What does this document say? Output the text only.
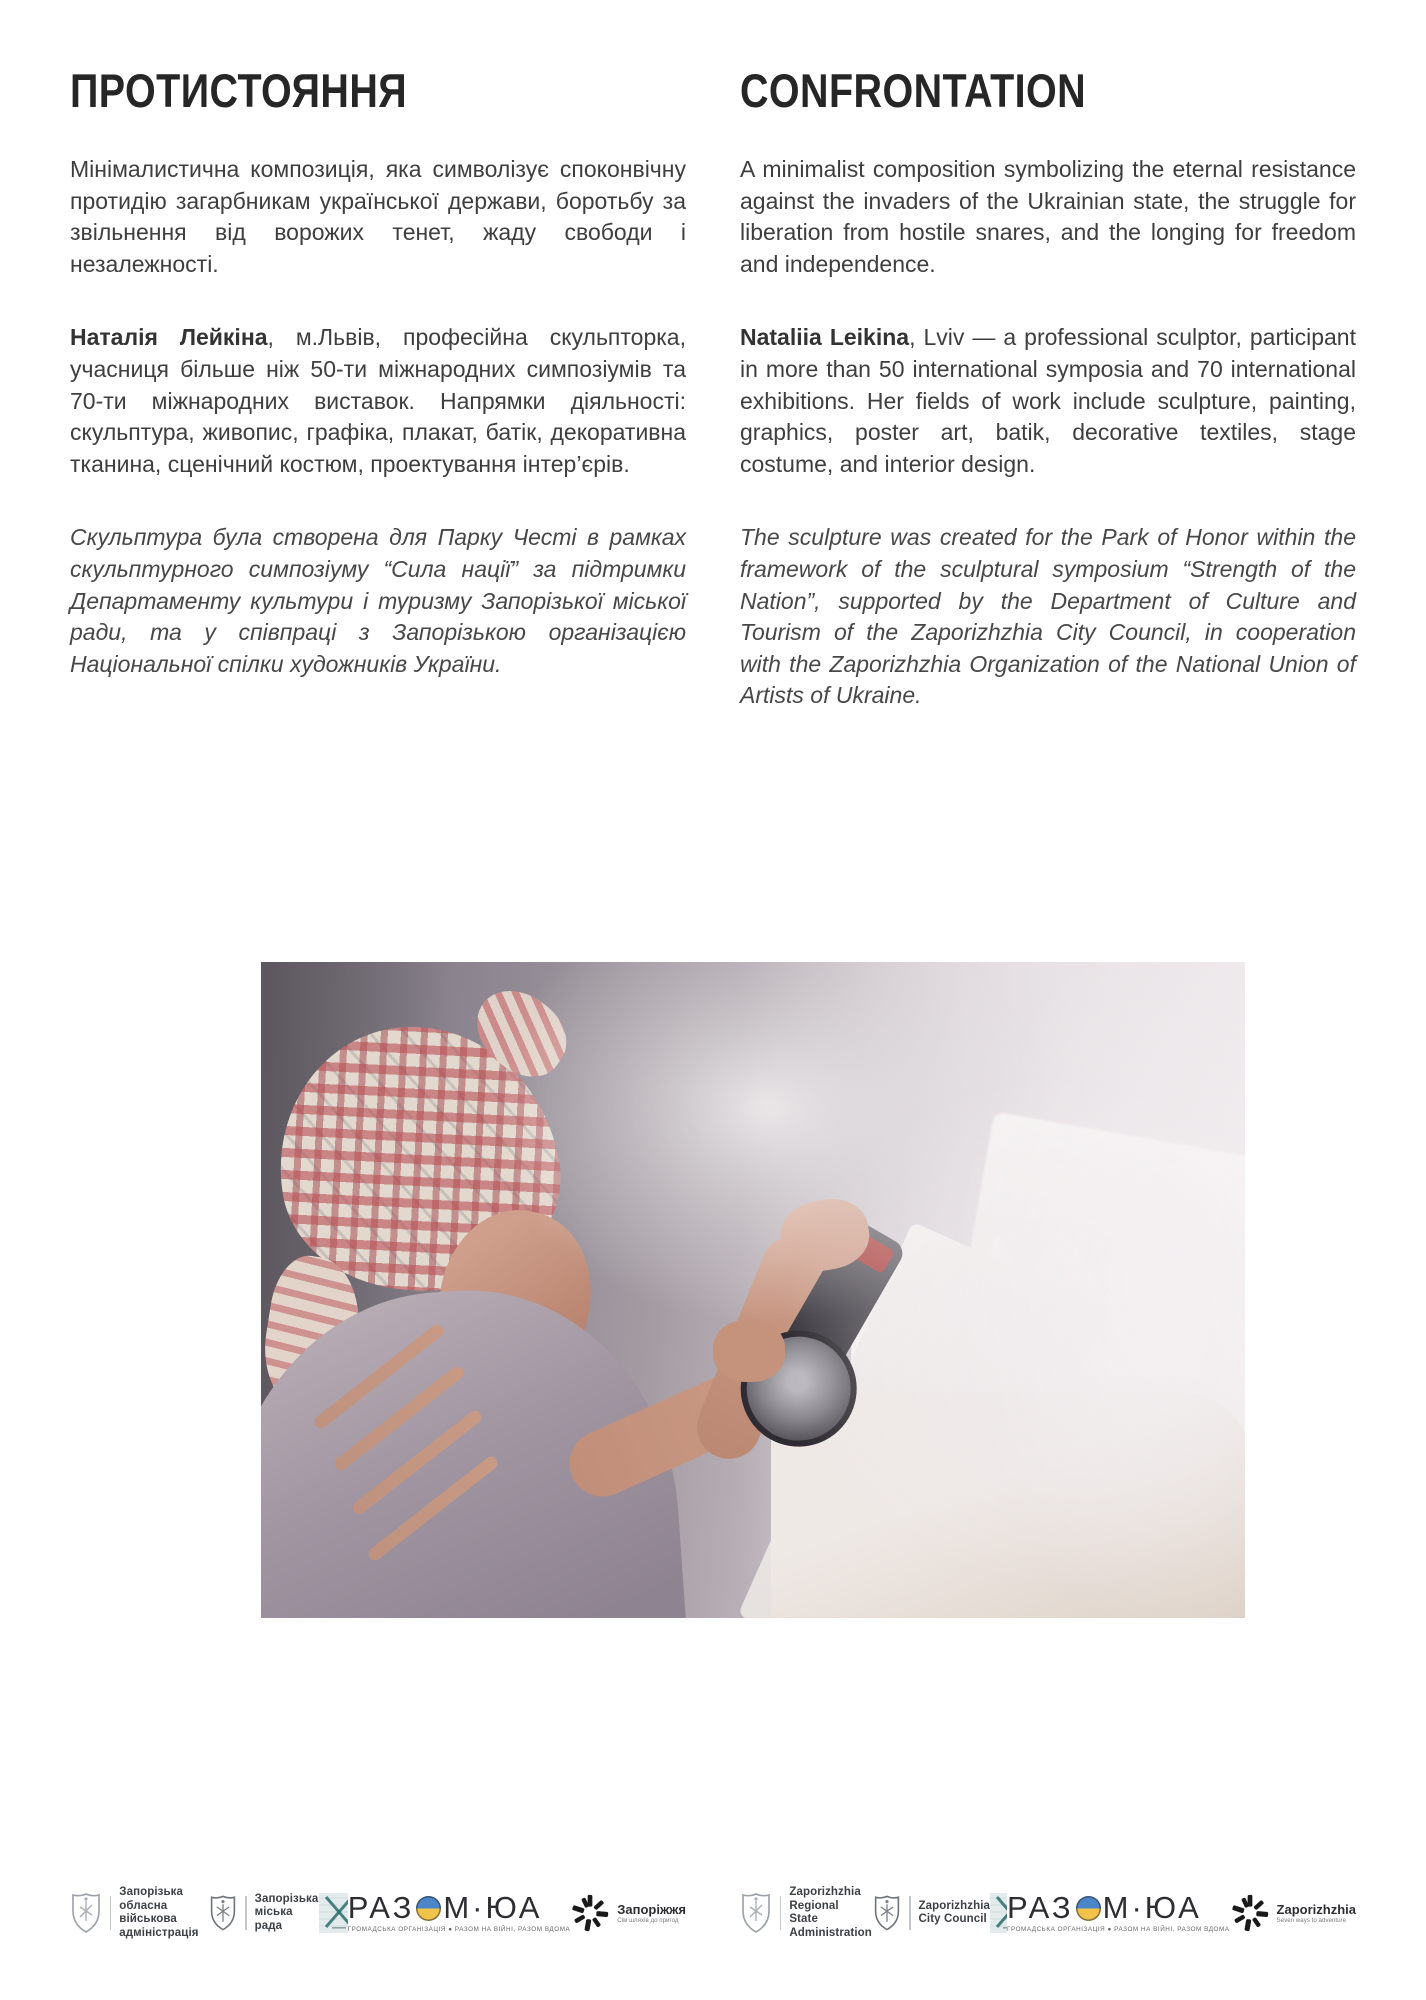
ПРОТИСТОЯННЯ

Мінімалистична композиція, яка символізує споконвічну протидію загарбникам української держави, боротьбу за звільнення від ворожих тенет, жаду свободи і незалежності.

Наталія Лейкіна, м.Львів, професійна скульпторка, учасниця більше ніж 50-ти міжнародних симпозіумів та 70-ти міжнародних виставок. Напрямки діяльності: скульптура, живопис, графіка, плакат, батік, декоративна тканина, сценічний костюм, проектування інтер’єрів.

Скульптура була створена для Парку Честі в рамках скульптурного симпозіуму “Сила нації” за підтримки Департаменту культури і туризму Запорізької міської ради, та у співпраці з Запорізькою організацією Національної спілки художників України.

CONFRONTATION

A minimalist composition symbolizing the eternal resistance against the invaders of the Ukrainian state, the struggle for liberation from hostile snares, and the longing for freedom and independence.

Nataliia Leikina, Lviv — a professional sculptor, participant in more than 50 international symposia and 70 international exhibitions. Her fields of work include sculpture, painting, graphics, poster art, batik, decorative textiles, stage costume, and interior design.

The sculpture was created for the Park of Honor within the framework of the sculptural symposium “Strength of the Nation”, supported by the Department of Culture and Tourism of the Zaporizhzhia City Council, in cooperation with the Zaporizhzhia Organization of the National Union of Artists of Ukraine.

Запорізька обласна
військова адміністрація
Запорізька
міська рада
РАЗ М·ЮА
ГРОМАДСЬКА ОРГАНІЗАЦІЯ ● РАЗОМ НА ВІЙНІ, РАЗОМ ВДОМА
Запоріжжя
Сім шляхів до пригод
Zaporizhzhia Regional
State Administration
Zaporizhzhia
City Council РАЗ М·ЮА
ГРОМАДСЬКА ОРГАНІЗАЦІЯ ● РАЗОМ НА ВІЙНІ, РАЗОМ ВДОМА
Zaporizhzhia
Seven ways to adventure
